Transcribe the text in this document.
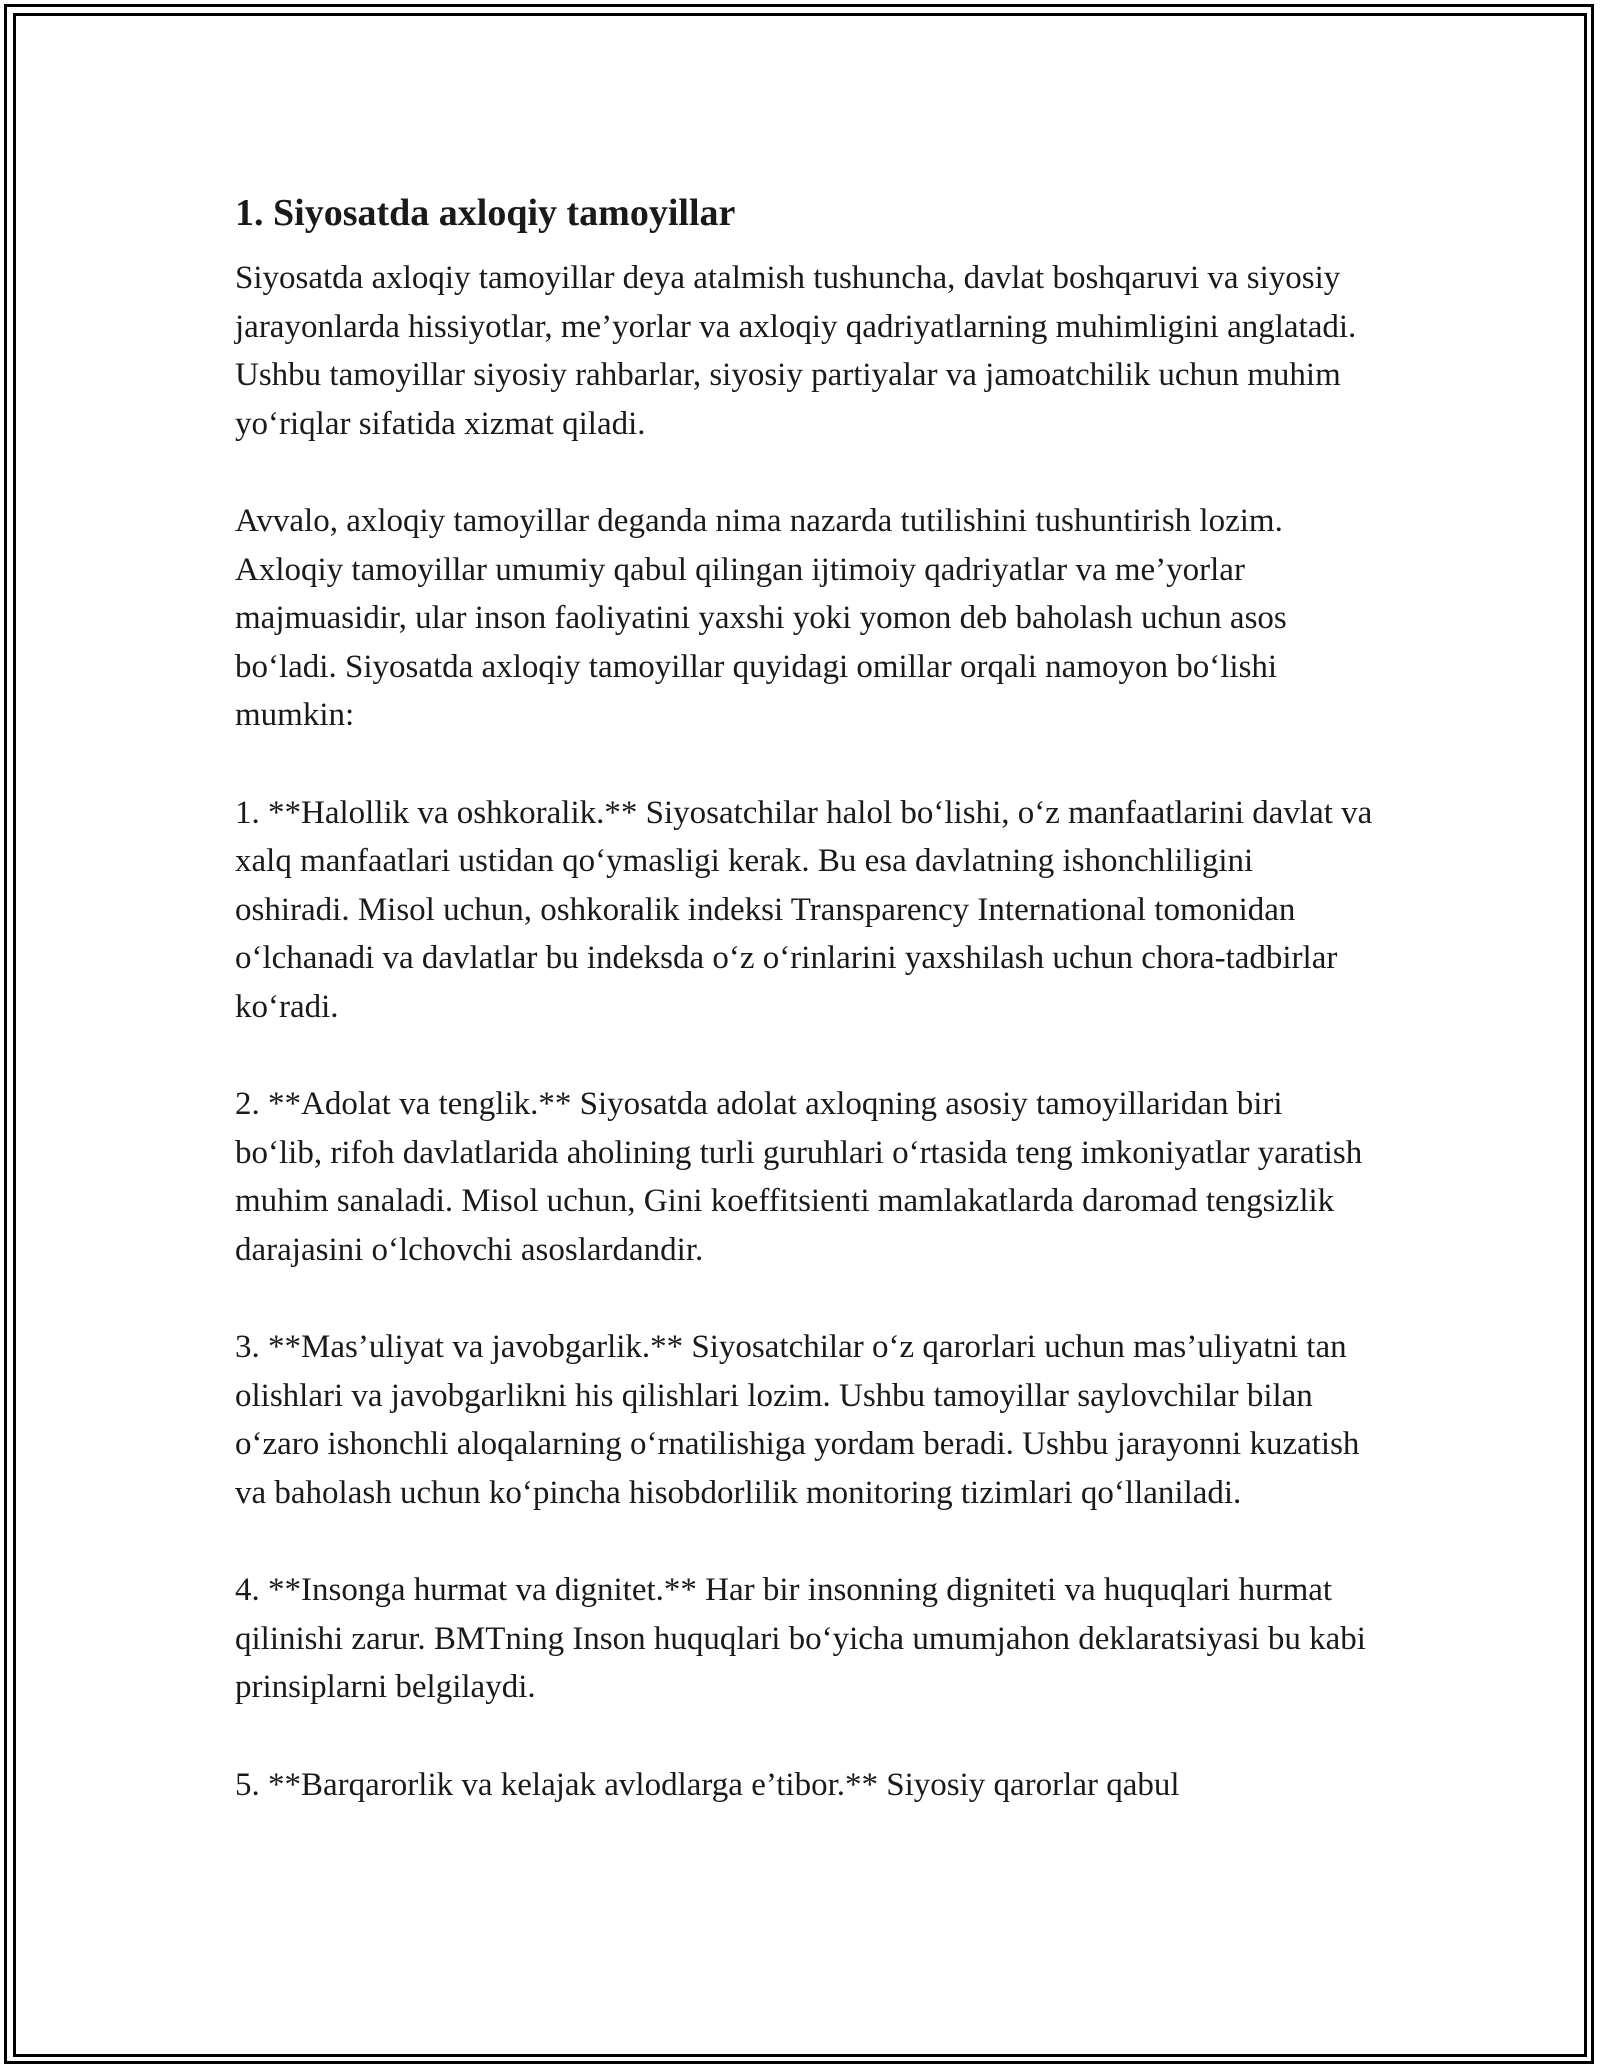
1. Siyosatda axloqiy tamoyillar

Siyosatda axloqiy tamoyillar deya atalmish tushuncha, davlat boshqaruvi va siyosiy jarayonlarda hissiyotlar, me’yorlar va axloqiy qadriyatlarning muhimligini anglatadi. Ushbu tamoyillar siyosiy rahbarlar, siyosiy partiyalar va jamoatchilik uchun muhim yo‘riqlar sifatida xizmat qiladi.

Avvalo, axloqiy tamoyillar deganda nima nazarda tutilishini tushuntirish lozim. Axloqiy tamoyillar umumiy qabul qilingan ijtimoiy qadriyatlar va me’yorlar majmuasidir, ular inson faoliyatini yaxshi yoki yomon deb baholash uchun asos bo‘ladi. Siyosatda axloqiy tamoyillar quyidagi omillar orqali namoyon bo‘lishi mumkin:

1. **Halollik va oshkoralik.** Siyosatchilar halol bo‘lishi, o‘z manfaatlarini davlat va xalq manfaatlari ustidan qo‘ymasligi kerak. Bu esa davlatning ishonchliligini oshiradi. Misol uchun, oshkoralik indeksi Transparency International tomonidan o‘lchanadi va davlatlar bu indeksda o‘z o‘rinlarini yaxshilash uchun chora-tadbirlar ko‘radi.

2. **Adolat va tenglik.** Siyosatda adolat axloqning asosiy tamoyillaridan biri bo‘lib, rifoh davlatlarida aholining turli guruhlari o‘rtasida teng imkoniyatlar yaratish muhim sanaladi. Misol uchun, Gini koeffitsienti mamlakatlarda daromad tengsizlik darajasini o‘lchovchi asoslardandir.

3. **Mas’uliyat va javobgarlik.** Siyosatchilar o‘z qarorlari uchun mas’uliyatni tan olishlari va javobgarlikni his qilishlari lozim. Ushbu tamoyillar saylovchilar bilan o‘zaro ishonchli aloqalarning o‘rnatilishiga yordam beradi. Ushbu jarayonni kuzatish va baholash uchun ko‘pincha hisobdorlilik monitoring tizimlari qo‘llaniladi.

4. **Insonga hurmat va dignitet.** Har bir insonning digniteti va huquqlari hurmat qilinishi zarur. BMTning Inson huquqlari bo‘yicha umumjahon deklaratsiyasi bu kabi prinsiplarni belgilaydi.

5. **Barqarorlik va kelajak avlodlarga e’tibor.** Siyosiy qarorlar qabul
